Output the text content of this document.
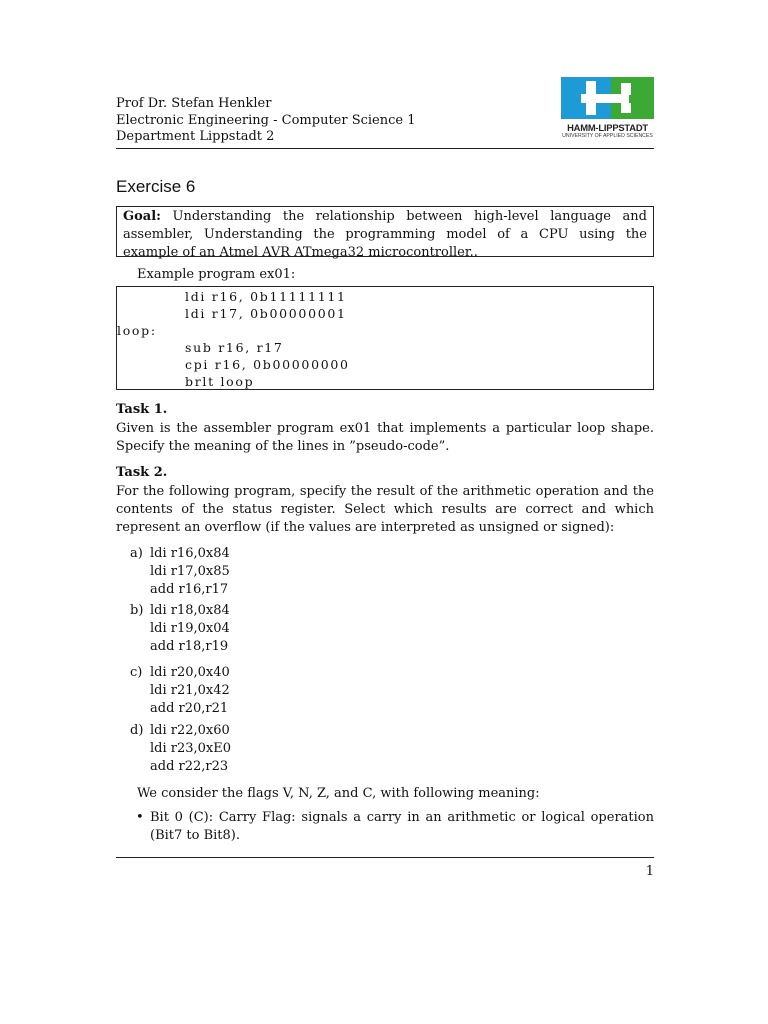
Prof Dr. Stefan Henkler
Electronic Engineering - Computer Science 1
Department Lippstadt 2
HAMM-LIPPSTADT
UNIVERSITY OF APPLIED SCIENCES
Exercise 6
Goal: Understanding the relationship between high-level language and assembler, Understanding the programming model of a CPU using the example of an Atmel AVR ATmega32 microcontroller..
Example program ex01:
ldi r16, 0b11111111
ldi r17, 0b00000001
loop:
sub r16, r17
cpi r16, 0b00000000
brlt loop
Task 1.
Given is the assembler program ex01 that implements a particular loop shape. Specify the meaning of the lines in ”pseudo-code”.
Task 2.
For the following program, specify the result of the arithmetic operation and the contents of the status register. Select which results are correct and which represent an overflow (if the values are interpreted as unsigned or signed):
a) ldi r16,0x84
ldi r17,0x85
add r16,r17
b) ldi r18,0x84
ldi r19,0x04
add r18,r19
c) ldi r20,0x40
ldi r21,0x42
add r20,r21
d) ldi r22,0x60
ldi r23,0xE0
add r22,r23
We consider the flags V, N, Z, and C, with following meaning:
• Bit 0 (C): Carry Flag: signals a carry in an arithmetic or logical operation (Bit7 to Bit8).
1
